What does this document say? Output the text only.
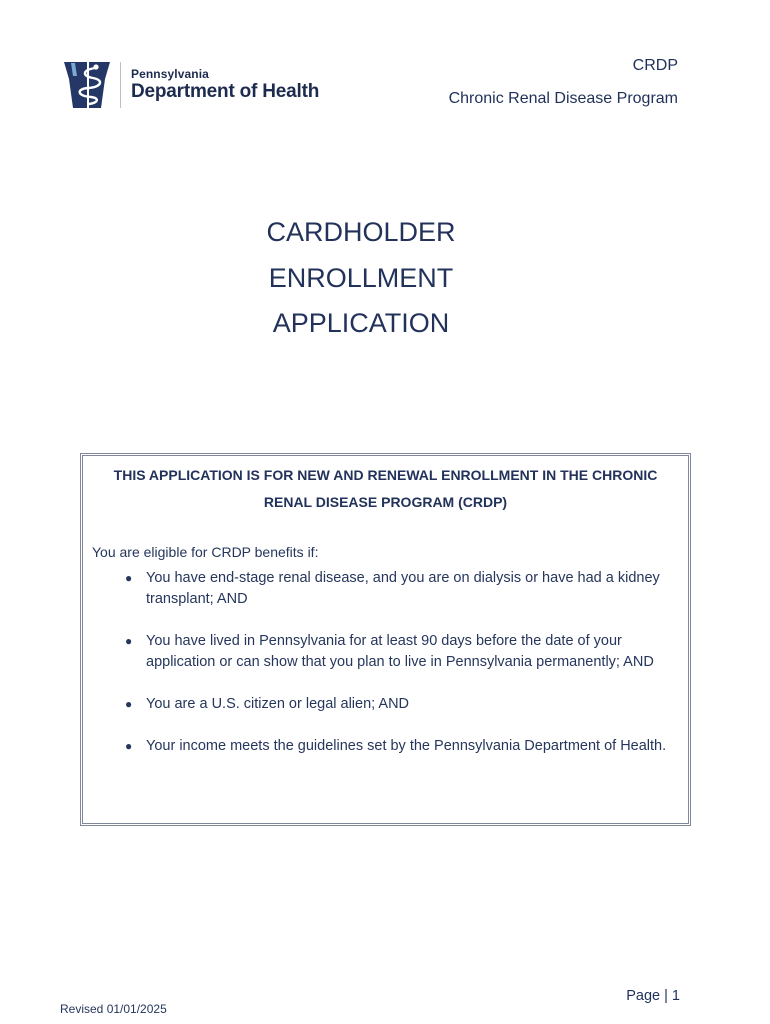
Pennsylvania
Department of Health
CRDP
Chronic Renal Disease Program
CARDHOLDER
ENROLLMENT
APPLICATION
THIS APPLICATION IS FOR NEW AND RENEWAL ENROLLMENT IN THE CHRONIC RENAL DISEASE PROGRAM (CRDP)
You are eligible for CRDP benefits if:
● You have end-stage renal disease, and you are on dialysis or have had a kidney transplant; AND
● You have lived in Pennsylvania for at least 90 days before the date of your application or can show that you plan to live in Pennsylvania permanently; AND
● You are a U.S. citizen or legal alien; AND
● Your income meets the guidelines set by the Pennsylvania Department of Health.
Revised 01/01/2025
Page | 1
